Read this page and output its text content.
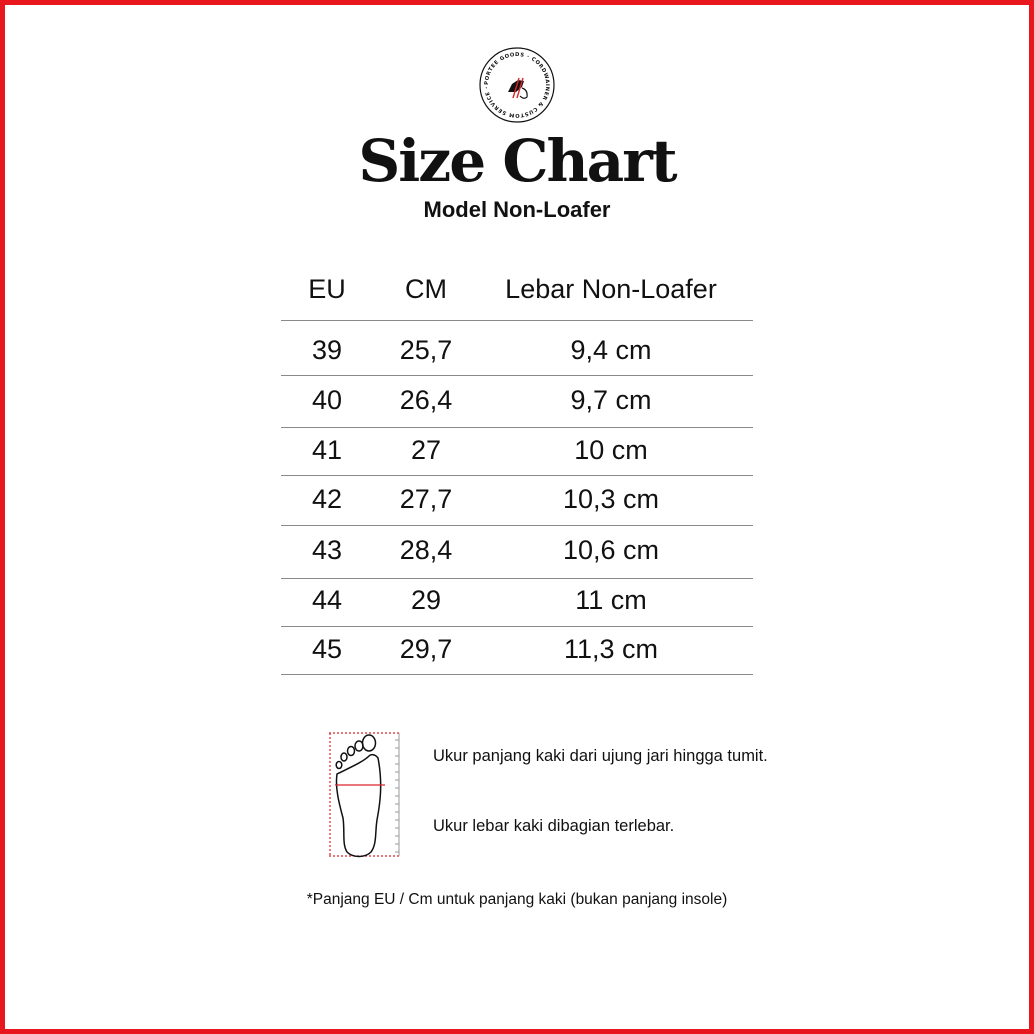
PORTEE GOODS · CORDWAINER & CUSTOM SERVICE ·
Size Chart
Model Non-Loafer
EU	CM	Lebar Non-Loafer
39	25,7	9,4 cm
40	26,4	9,7 cm
41	27	10 cm
42	27,7	10,3 cm
43	28,4	10,6 cm
44	29	11 cm
45	29,7	11,3 cm
Ukur panjang kaki dari ujung jari hingga tumit.
Ukur lebar kaki dibagian terlebar.
*Panjang EU / Cm untuk panjang kaki (bukan panjang insole)
